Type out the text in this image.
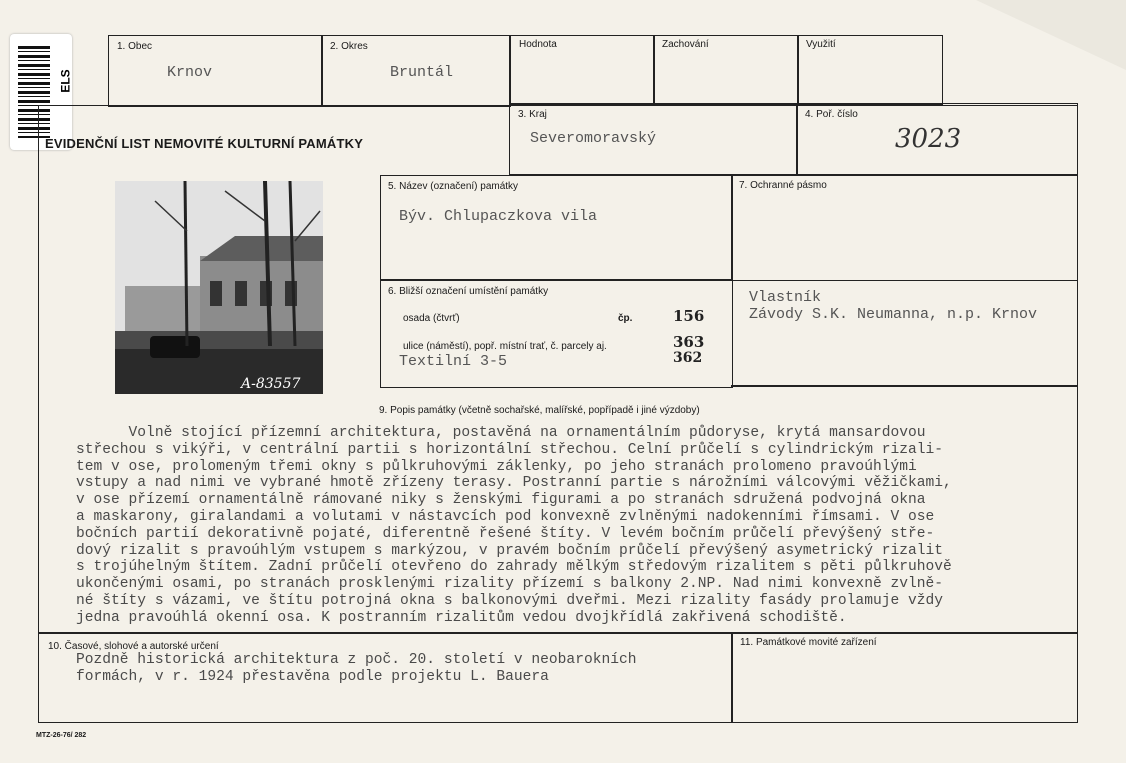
ELS
1. Obec
Krnov
2. Okres
Bruntál
Hodnota	Zachování	Využití
EVIDENČNÍ LIST NEMOVITÉ KULTURNÍ PAMÁTKY
3. Kraj
Severomoravský
4. Poř. číslo
3023
A-83557
5. Název (označení) památky
Býv. Chlupaczkova vila
7. Ochranné pásmo
6. Bližší označení umístění památky
osada (čtvrť)	čp.	156
ulice (náměstí), popř. místní trať, č. parcely aj.	363
362
Textilní 3-5
Vlastník
Závody S.K. Neumanna, n.p. Krnov
9. Popis památky (včetně sochařské, malířské, popřípadě i jiné výzdoby)

Volně stojící přízemní architektura, postavěná na ornamentálním půdoryse, krytá mansardovou

střechou s vikýři, v centrální partii s horizontální střechou. Celní průčelí s cylindrickým rizali-

tem v ose, prolomeným třemi okny s půlkruhovými záklenky, po jeho stranách prolomeno pravoúhlými

vstupy a nad nimi ve vybrané hmotě zřízeny terasy. Postranní partie s nárožními válcovými věžičkami,

v ose přízemí ornamentálně rámované niky s ženskými figurami a po stranách sdružená podvojná okna

a maskarony, giralandami a volutami v nástavcích pod konvexně zvlněnými nadokenními římsami. V ose

bočních partií dekorativně pojaté, diferentně řešené štíty. V levém bočním průčelí převýšený stře-

dový rizalit s pravoúhlým vstupem s markýzou, v pravém bočním průčelí převýšený asymetrický rizalit

s trojúhelným štítem. Zadní průčelí otevřeno do zahrady mělkým středovým rizalitem s pěti půlkruhově

ukončenými osami, po stranách prosklenými rizality přízemí s balkony 2.NP. Nad nimi konvexně zvlně-

né štíty s vázami, ve štítu potrojná okna s balkonovými dveřmi. Mezi rizality fasády prolamuje vždy

jedna pravoúhlá okenní osa. K postranním rizalitům vedou dvojkřídlá zakřivená schodiště.

10. Časové, slohové a autorské určení
Pozdně historická architektura z poč. 20. století v neobarokních
formách, v r. 1924 přestavěna podle projektu L. Bauera
11. Památkové movité zařízení
MTZ-26-76/ 282
